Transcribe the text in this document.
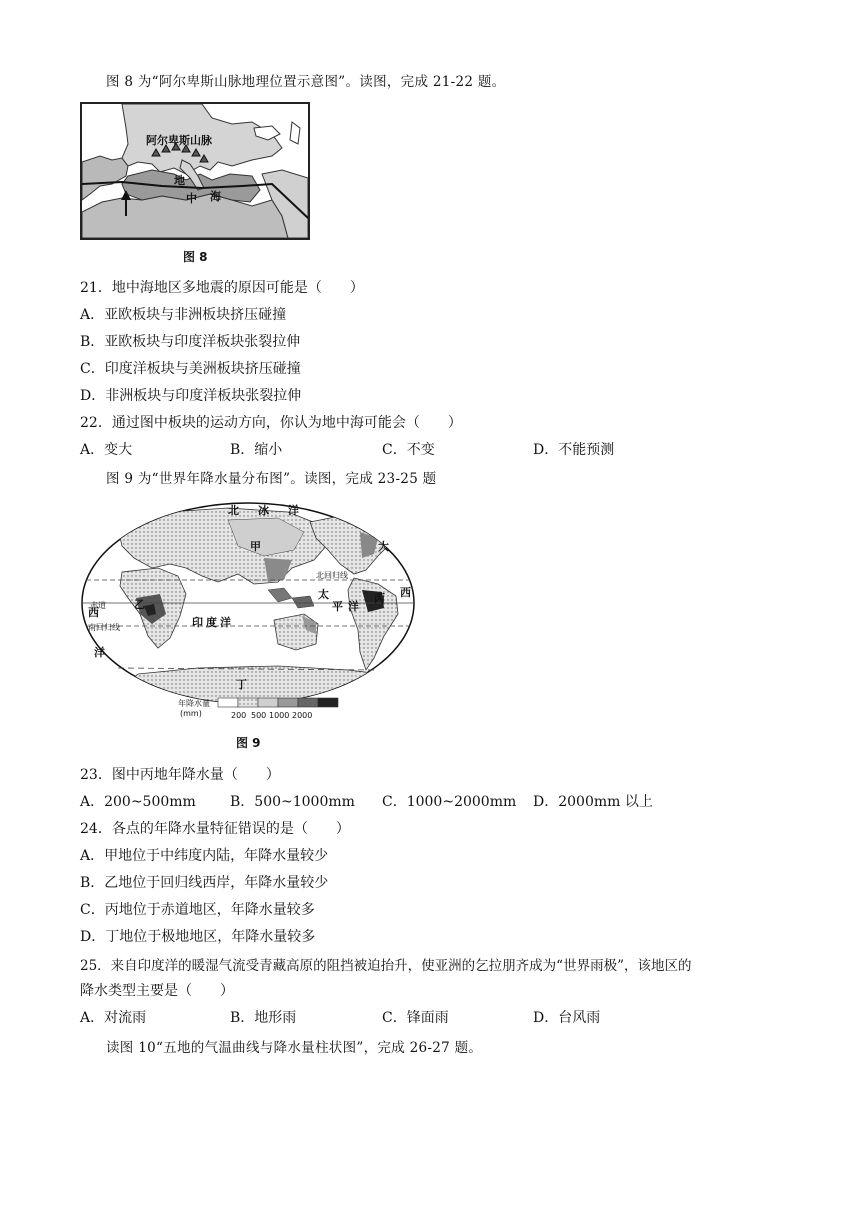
图 8 为“阿尔卑斯山脉地理位置示意图”。读图，完成 21-22 题。
阿尔卑斯山脉
地
中 海
图 8
21．地中海地区多地震的原因可能是（　　）
A．亚欧板块与非洲板块挤压碰撞
B．亚欧板块与印度洋板块张裂拉伸
C．印度洋板块与美洲板块挤压碰撞
D．非洲板块与印度洋板块张裂拉伸
22．通过图中板块的运动方向，你认为地中海可能会（　　）
A．变大	B．缩小	C．不变	D．不能预测
图 9 为“世界年降水量分布图”。读图，完成 23-25 题
北 冰 洋
大
太
平 洋
西
西
洋
印 度 洋
丁
甲
乙	丙
赤道
北回归线
南回归线
年降水量
(mm)	200 500 1000 2000
图 9
23．图中丙地年降水量（　　）
A．200~500mm B．500~1000mm C．1000~2000mm D．2000mm 以上
24．各点的年降水量特征错误的是（　　）
A．甲地位于中纬度内陆，年降水量较少
B．乙地位于回归线西岸，年降水量较少
C．丙地位于赤道地区，年降水量较多
D．丁地位于极地地区，年降水量较多
25．来自印度洋的暖湿气流受青藏高原的阻挡被迫抬升，使亚洲的乞拉朋齐成为“世界雨极”，该地区的
降水类型主要是（　　）
A．对流雨	B．地形雨	C．锋面雨	D．台风雨
读图 10“五地的气温曲线与降水量柱状图”，完成 26-27 题。
